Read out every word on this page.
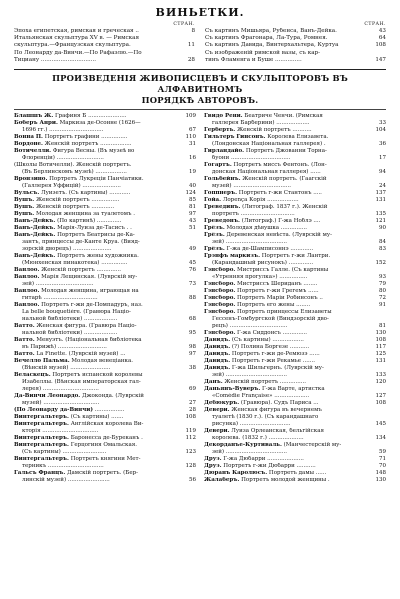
ВИНЬЕТКИ.
СТРАН.
Эпоха египетская, римская и греческая ..	8
Итальянская скульптура XV в. — Римская
скульптура.—Французская скульптура.	11
По Леонарду да-Винчи.—По Рафаэлю.—По
Тициану ...............................	28
СТРАН.
Съ картинъ Мишьяра, Рубенса, Ванъ-Дейка.	43
Съ картинъ Фрагонара, Ла-Тура, Ромнея.	64
Съ картинъ Давида, Винтерхальтера, Куртуа	108
Съ изображеній римской вазы, съ кар-
тинъ Фламенга и Буше ...............	147
ПРОИЗВЕДЕНІЯ ЖИВОПИСЦЕВЪ И СКУЛЬПТОРОВЪ ВЪ АЛФАВИТНОМЪ
ПОРЯДКѢ АВТОРОВЪ.
Блашшъ Ж. Графиня Б ......................	109
Боберъ Анри. Маркиза де-Осонне (1626—
1696 гг.) ...............................	67
Вонна П. Портретъ графини ...............	110
Вордоне. Женскій портретъ ..................	31
Вотичелли. Фигура Весны. (Въ музеѣ во
Флоренціи) ...........................	16
(Школы Вотичелли). Женскій портретъ.
(Въ Берлинскомъ музеѣ) ..................	19
Вронзино. Портретъ Лукреціи Панчіатики.
(Галлерея Уффицій) ......................	40
Вульсъ. Луизетъ. (Съ картины) ............	124
Вушъ. Женскій портретъ ................	85
Вушъ. Женскій портретъ .............	81
Вушъ. Молодая женщина за туалетомъ .	97
Ванъ-Дейкъ. (По картинѣ) ..............	43
Ванъ-Дейкъ. Марія-Луиза де-Тасисъ . .	51
Ванъ-Дейкъ. Портретъ Беатрисы де-Ка-
зантъ, принцессы де-Канте Круа. (Вияд-
зорскій дворецъ) ......................	49
Ванъ-Дейкъ. Портретъ жены художника.
(Мюнхенская пинакотека) ...............	45
Ванлоо. Женскій портретъ ..............	76
Ванлоо. Марія Лещинская. (Луврскій му-
зей) .................................	73
Ванлоо. Молодая женщина, играющая на
гитарѣ ...............................	88
Ванлоо. Портретъ г-жи де-Помпадуръ, наз.
La belle bouquetière. (Гравюра Націо-
нальной библіотеки) ...................	68
Ватто. Женская фигура. (Гравюра Націо-
нальной библіотеки) ...................	95
Ватто. Менуэтъ. (Національная библіотека
въ Парижѣ) ............................	98
Ватто. La Finette. (Луврскій музей) ...	97
Вечелло Пальма. Молодая венеціанка.
(Вѣнскій музей) .......................	38
Веласкецъ. Портретъ испанской королевы
Изабеллы. (Вѣнская императорская гал-
лерея) ................................	69
Да-Винчи Леонардо. Джоконда. (Луврскій
музей) ................................	27
(По Леонарду да-Винчи) .................	28
Винтергальтеръ. (Съ картины) .......	108
Винтергальтеръ. Англійская королева Ви-
кторія ................................	119
Винтергальтеръ. Баронесса де-Буреканъ .	112
Винтергальтеръ. Герцогиня Омальская.
(Съ картины) .........................	123
Винтергальтеръ. Портретъ княгини Мет-
терникъ ................................	128
Гальсъ Францъ. Дамскій портретъ. (Бер-
линскій музей) ........................	56
Гвидо Рени. Беатриче Ченчи. (Римская
галлерея Барберини) ...................	33
Герберть. Женскій портретъ ...........	104
Гильтеръ Гинсонъ. Королева Елизавета.
(Лондонская Національная галлерея) .	36
Гирландайо. Портретъ Джованни Торна-
буони ..................................	17
Гогартъ. Портретъ миссъ Фентонъ. (Лон-
донская Національная галлерея) ......	94
Гольбейнъ. Женскій портретъ. (Гаагскій
музей) .................................	24
Гоппнеръ. Портретъ г-жи Стантонъ .....	137
Гойа. Лорença Корія ..................	131
Гревединъ. (Литограф. 1837 г.). Женскій
портретъ ...............................	135
Греведонъ. (Литограф.) Г-жа Ноблэ ....	121
Грёзъ. Молодая дѣвушка ...............	90
Грёзъ. Деревенская невѣста. (Луврскій му-
зей) ...................................	84
Грёзъ. Г-жа де-Шамписоннэ .............	83
Грэнфъ маркизъ. Портретъ г-жи Лантри.
(Карандашный рисунокъ) ..............	152
Гэнсборо. Мистриссъ Галле. (Съ картины
«Утренняя прогулка») ................	93
Гэнсборо. Мистриссъ Шериданъ ........	79
Гэнсборо. Портретъ г-жи Грегемъ ......	80
Гэнсборо. Портретъ Маріи Робинсонъ ..	72
Гэнсборо. Портретъ его жены ........	91
Гэнсборо. Портретъ принцессы Елизаветы
Гессенъ-Гомбургской (Виндзорскій дво-
рецъ) .................................	81
Гэнсборо. Г-жа Сиддонсъ ..............	130
Давидъ. (Съ картины) ..................	108
Давидъ. (?) Полина Боргезе ...........	117
Давидъ. Портретъ г-жи де-Ремюзэ ......	125
Давидъ. Портретъ г-жи Рекамье .......	131
Давидъ. Г-жа Шильгернъ. (Луврскій му-
зей) ...................................	133
Данъ. Женскій портретъ ...............	120
Даньянъ-Вуверъ. Г-жа Варте, артистка
«Comédie Française» ....................	127
Дебюкуръ. (Гравюра). Судъ Париса ...	108
Девери. Женская фигура въ вечернемъ
туалетѣ (1830 г.). (Съ карандашнаго
рисунка) .............................	145
Девери. Луиза Орлеанская, бельгійская
королева. (1832 г.) ....................	134
Декорданъе-Куртиваль. (Манчестерскій му-
зей) ...................................	59
Друэ. Г-жа Дюбарри .....................	71
Друэ. Портретъ г-жи Дюбарри ...........	70
Дюранъ Каролюсъ. Портретъ дамы ......	148
Жалаберъ. Портретъ молодой женщины .	130
